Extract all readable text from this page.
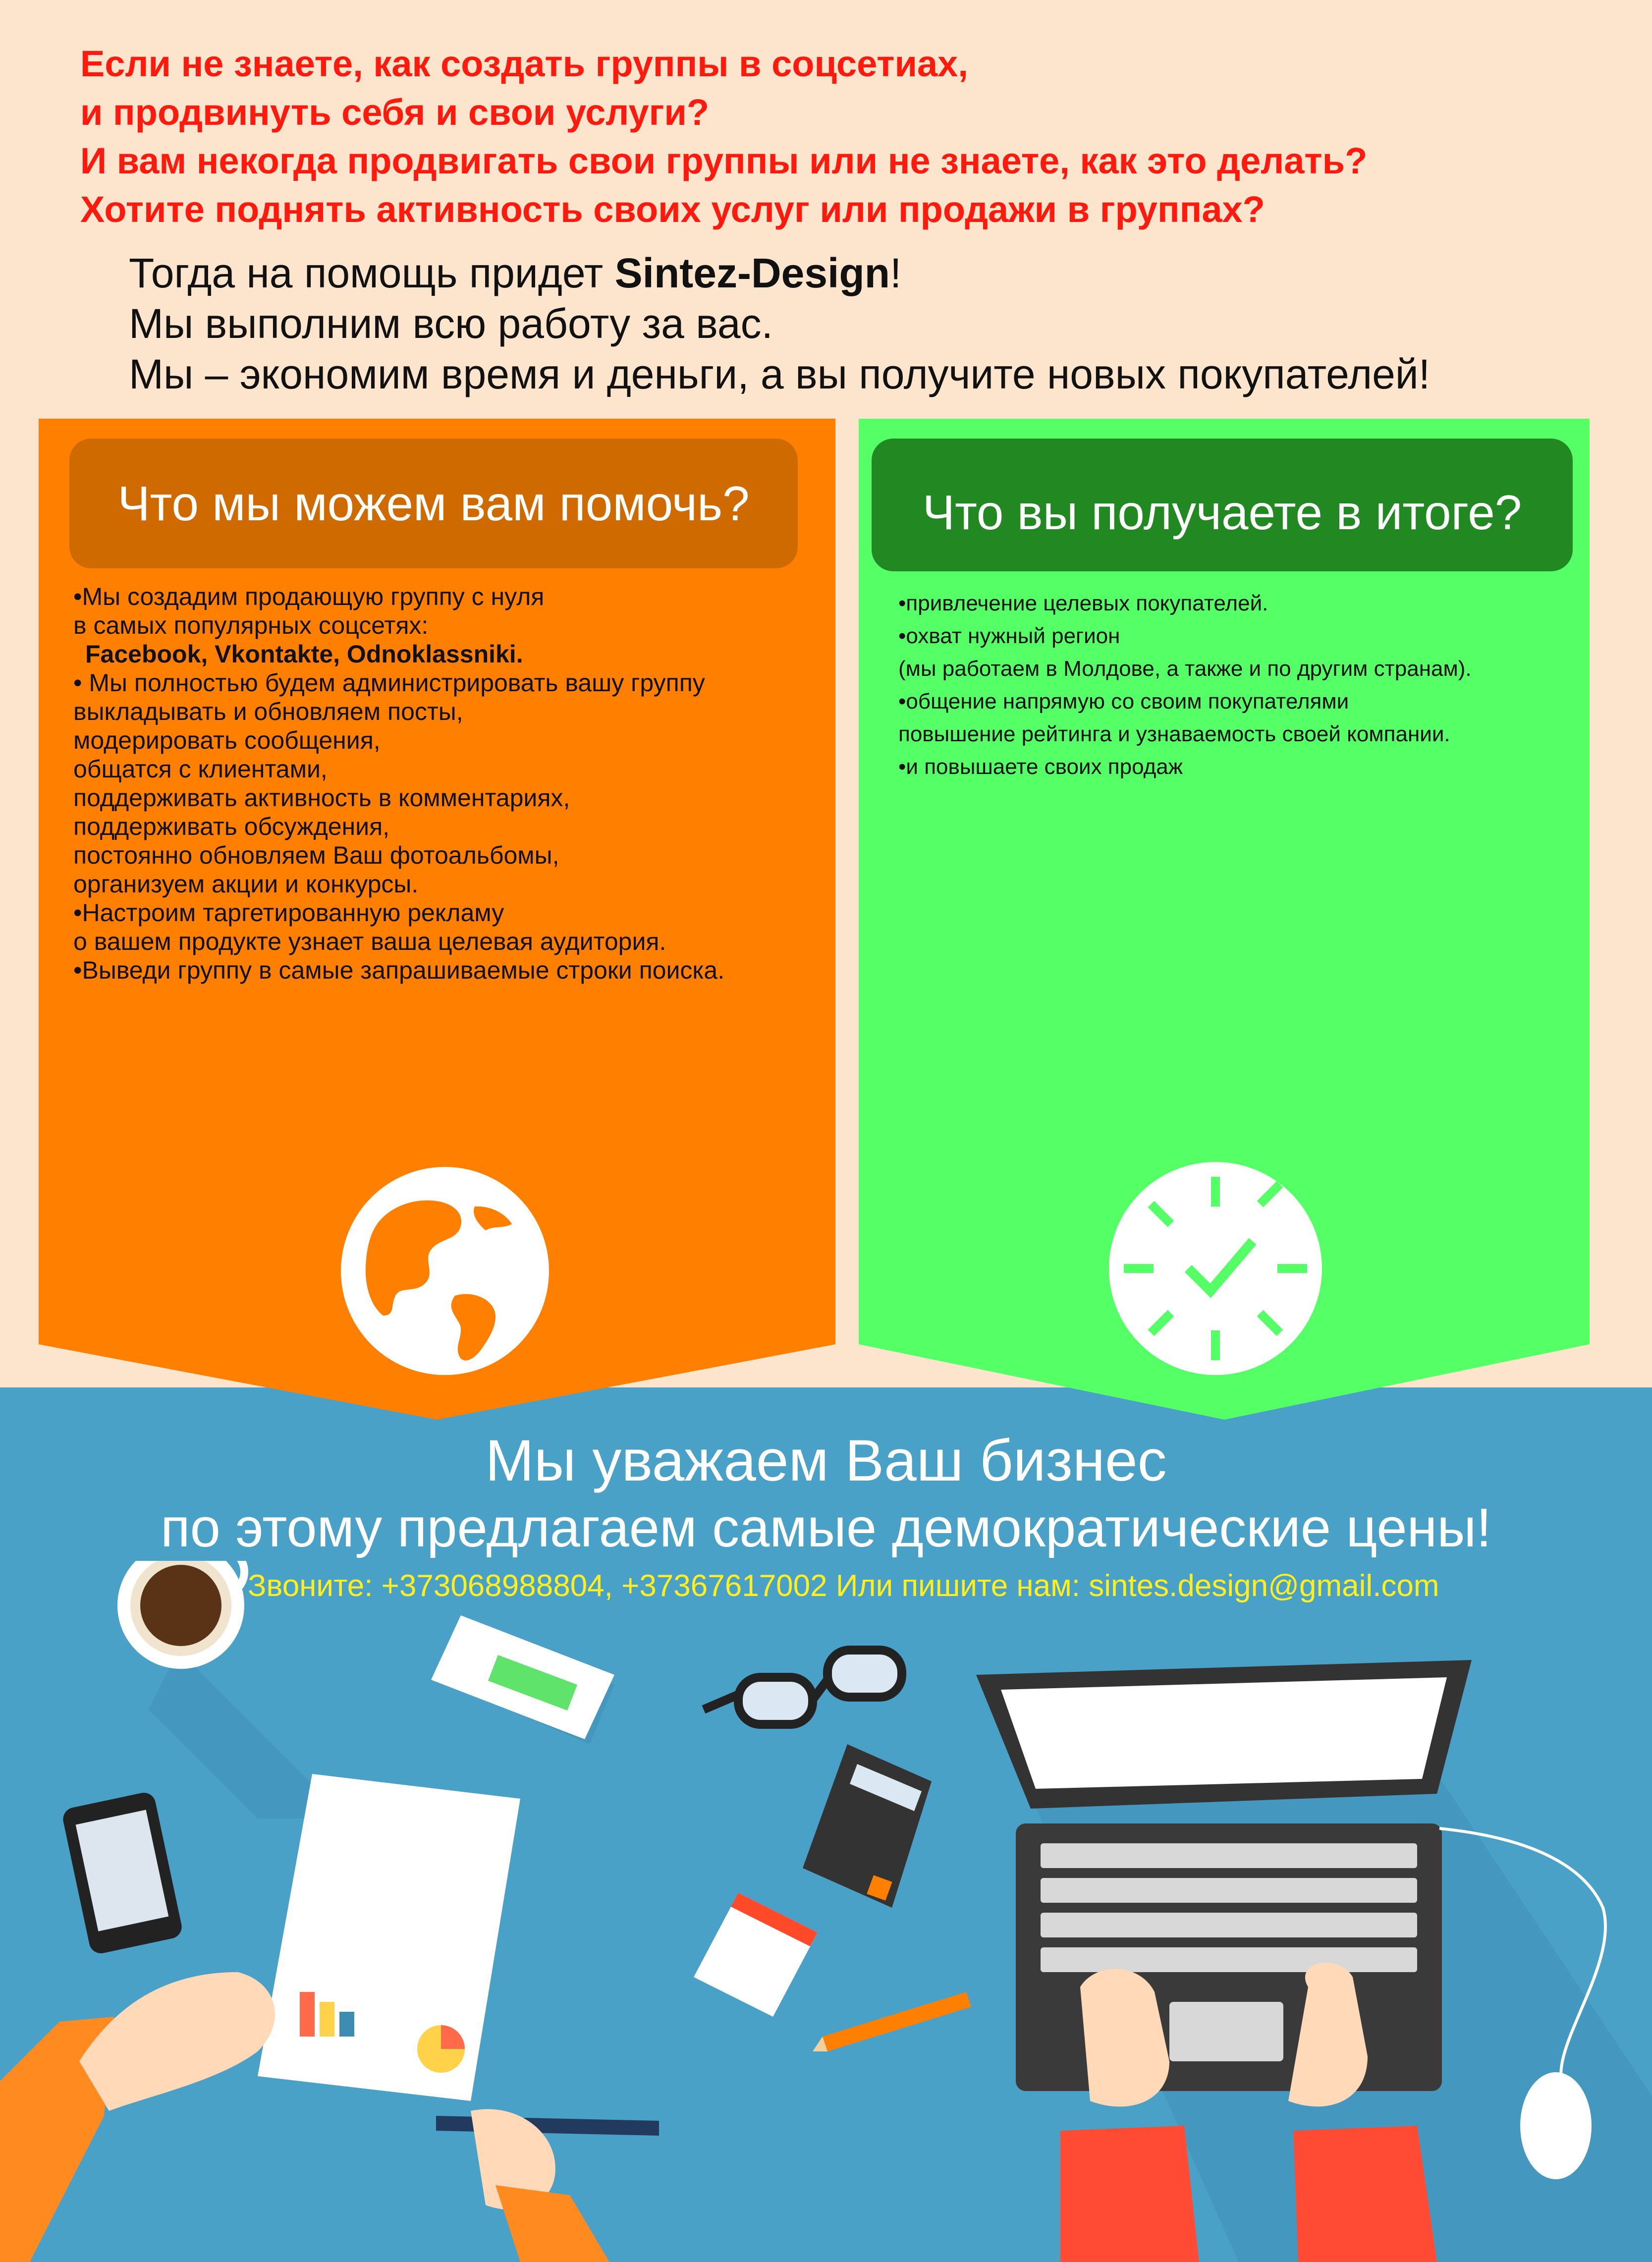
Если не знаете, как создать группы в соцсетиах,
и продвинуть себя и свои услуги?
И вам некогда продвигать свои группы или не знаете, как это делать?
Хотите поднять активность своих услуг или продажи в группах?
Тогда на помощь придет Sintez-Design!
Мы выполним всю работу за вас.
Мы – экономим время и деньги, а вы получите новых покупателей!
Что мы можем вам помочь?
•Мы создадим продающую группу с нуля
в самых популярных соцсетях:
Facebook, Vkontakte, Odnoklassniki.
• Мы полностью будем администрировать вашу группу
выкладывать и обновляем посты,
модерировать сообщения,
общатся с клиентами,
поддерживать активность в комментариях,
поддерживать обсуждения,
постоянно обновляем Ваш фотоальбомы,
организуем акции и конкурсы.
•Настроим таргетированную рекламу
о вашем продукте узнает ваша целевая аудитория.
•Выведи группу в самые запрашиваемые строки поиска.
Что вы получаете в итоге?
•привлечение целевых покупателей.
•охват нужный регион
(мы работаем в Молдове, а также и по другим странам).
•общение напрямую со своим покупателями
повышение рейтинга и узнаваемость своей компании.
•и повышаете своих продаж
Мы уважаем Ваш бизнес
по этому предлагаем самые демократические цены!
Звоните: +373068988804, +37367617002 Или пишите нам: sintes.design@gmail.com
